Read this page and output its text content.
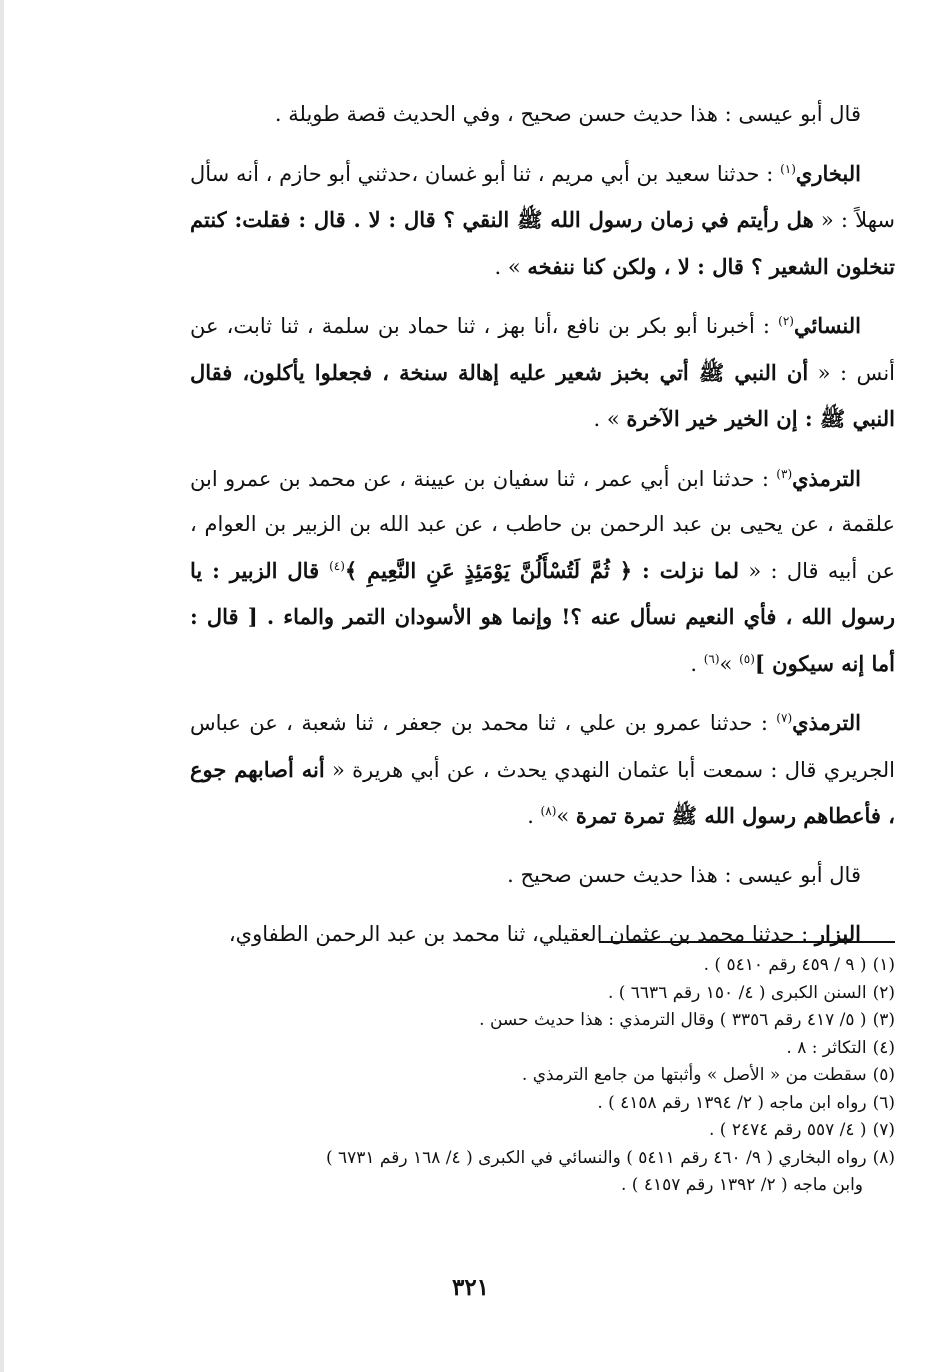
قال أبو عيسى : هذا حديث حسن صحيح ، وفي الحديث قصة طويلة .

البخاري$^{(١)}$ : حدثنا سعيد بن أبي مريم ، ثنا أبو غسان ،حدثني أبو حازم ، أنه سأل سهلاً : « هل رأيتم في زمان رسول الله ﷺ النقي ؟ قال : لا . قال : فقلت: كنتم تنخلون الشعير ؟ قال : لا ، ولكن كنا ننفخه » .

النسائي$^{(٢)}$ : أخبرنا أبو بكر بن نافع ،أنا بهز ، ثنا حماد بن سلمة ، ثنا ثابت، عن أنس : « أن النبي ﷺ أتي بخبز شعير عليه إهالة سنخة ، فجعلوا يأكلون، فقال النبي ﷺ : إن الخير خير الآخرة » .

الترمذي$^{(٣)}$ : حدثنا ابن أبي عمر ، ثنا سفيان بن عيينة ، عن محمد بن عمرو ابن علقمة ، عن يحيى بن عبد الرحمن بن حاطب ، عن عبد الله بن الزبير بن العوام ، عن أبيه قال : « لما نزلت : ﴿ ثُمَّ لَتُسْأَلُنَّ يَوْمَئِذٍ عَنِ النَّعِيمِ ﴾$^{(٤)}$ قال الزبير : يا رسول الله ، فأي النعيم نسأل عنه ؟! وإنما هو الأسودان التمر والماء . [ قال : أما إنه سيكون ]$^{(٥)}$ »$^{(٦)}$ .

الترمذي$^{(٧)}$ : حدثنا عمرو بن علي ، ثنا محمد بن جعفر ، ثنا شعبة ، عن عباس الجريري قال : سمعت أبا عثمان النهدي يحدث ، عن أبي هريرة « أنه أصابهم جوع ، فأعطاهم رسول الله ﷺ تمرة تمرة »$^{(٨)}$ .

قال أبو عيسى : هذا حديث حسن صحيح .

البزار : حدثنا محمد بن عثمان العقيلي، ثنا محمد بن عبد الرحمن الطفاوي،

(١)( ٩ / ٤٥٩ رقم ٥٤١٠ ) .

(٢)السنن الكبرى ( ٤/ ١٥٠ رقم ٦٦٣٦ ) .

(٣)( ٥/ ٤١٧ رقم ٣٣٥٦ ) وقال الترمذي : هذا حديث حسن .

(٤)التكاثر : ٨ .

(٥)سقطت من « الأصل » وأثبتها من جامع الترمذي .

(٦)رواه ابن ماجه ( ٢/ ١٣٩٤ رقم ٤١٥٨ ) .

(٧)( ٤/ ٥٥٧ رقم ٢٤٧٤ ) .

(٨)رواه البخاري ( ٩/ ٤٦٠ رقم ٥٤١١ ) والنسائي في الكبرى ( ٤/ ١٦٨ رقم ٦٧٣١ )

وابن ماجه ( ٢/ ١٣٩٢ رقم ٤١٥٧ ) .

٣٢١
